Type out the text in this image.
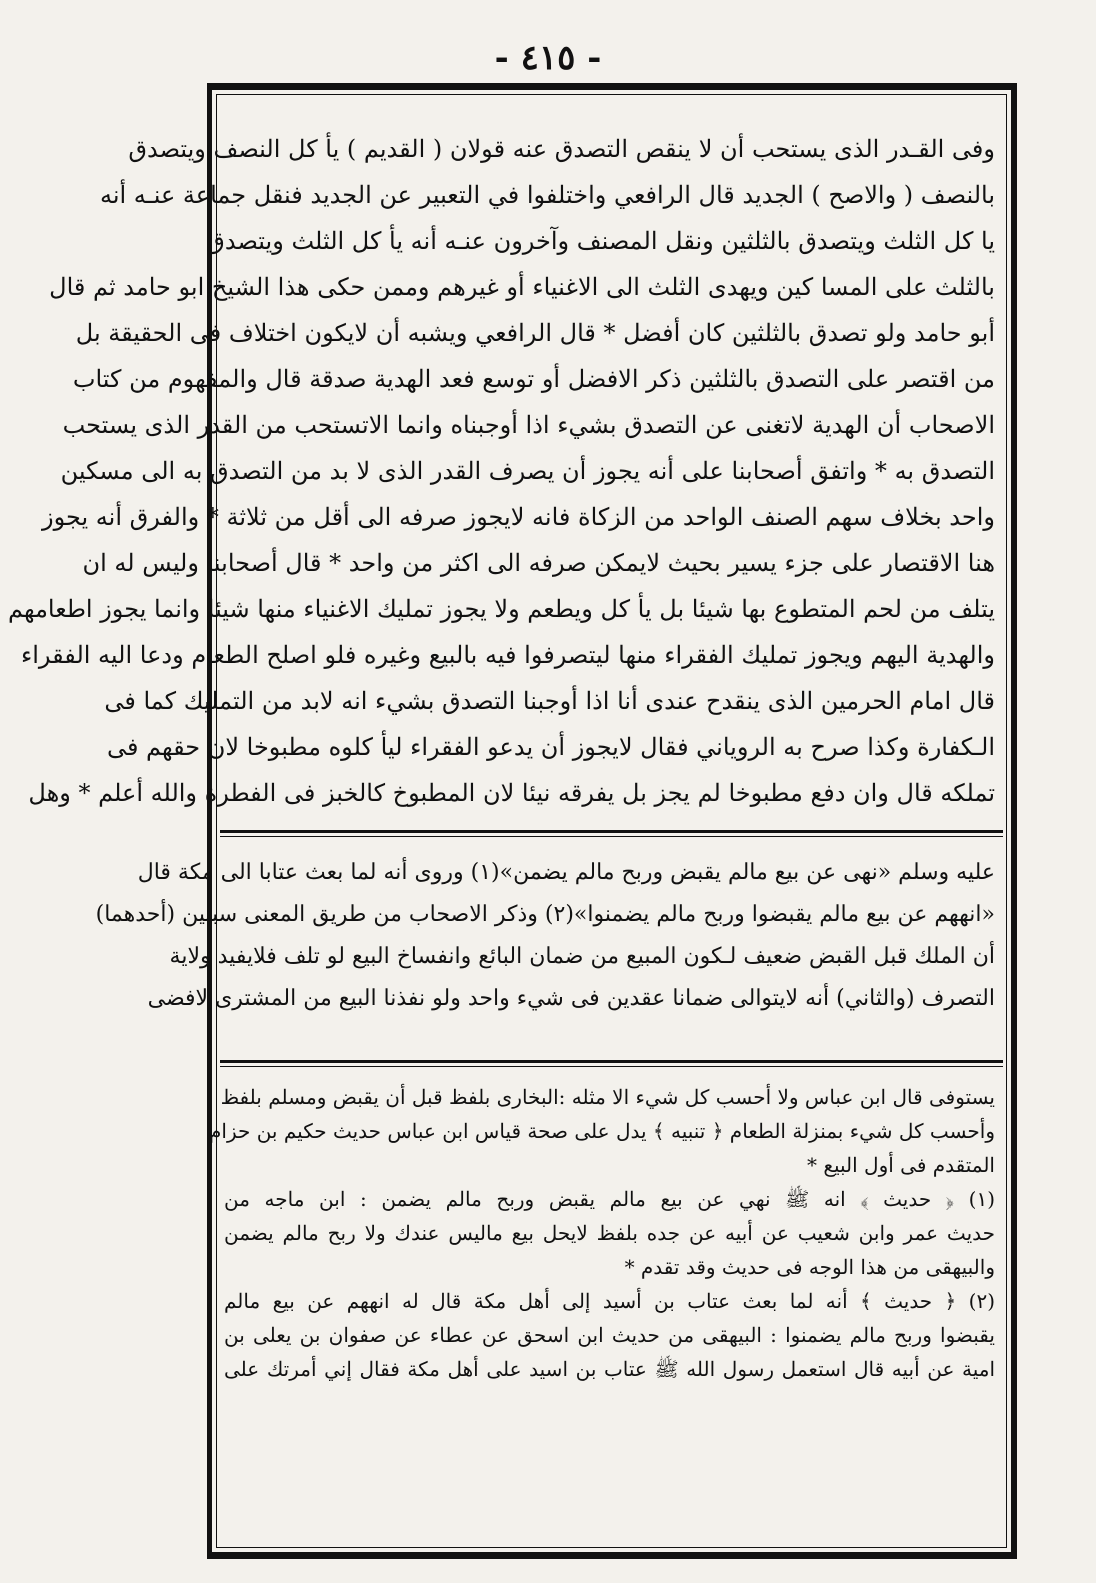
- ٤١٥ -
وفى القـدر الذى يستحب أن لا ينقص التصدق عنه قولان ( القديم ) يأ كل النصف ويتصدق
بالنصف ( والاصح ) الجديد قال الرافعي واختلفوا في التعبير عن الجديد فنقل جماعة عنـه أنه
يا كل الثلث ويتصدق بالثلثين ونقل المصنف وآخرون عنـه أنه يأ كل الثلث ويتصدق
بالثلث على المسا كين ويهدى الثلث الى الاغنياء أو غيرهم وممن حكى هذا الشيخ ابو حامد ثم قال
أبو حامد ولو تصدق بالثلثين كان أفضل * قال الرافعي ويشبه أن لايكون اختلاف فى الحقيقة بل
من اقتصر على التصدق بالثلثين ذكر الافضل أو توسع فعد الهدية صدقة قال والمفهوم من كتاب
الاصحاب أن الهدية لاتغنى عن التصدق بشيء اذا أوجبناه وانما الاتستحب من القدر الذى يستحب
التصدق به * واتفق أصحابنا على أنه يجوز أن يصرف القدر الذى لا بد من التصدق به الى مسكين
واحد بخلاف سهم الصنف الواحد من الزكاة فانه لايجوز صرفه الى أقل من ثلاثة * والفرق أنه يجوز
هنا الاقتصار على جزء يسير بحيث لايمكن صرفه الى اكثر من واحد * قال أصحابنا وليس له ان
يتلف من لحم المتطوع بها شيئا بل يأ كل ويطعم ولا يجوز تمليك الاغنياء منها شيئا وانما يجوز اطعامهم
والهدية اليهم ويجوز تمليك الفقراء منها ليتصرفوا فيه بالبيع وغيره فلو اصلح الطعام ودعا اليه الفقراء
قال امام الحرمين الذى ينقدح عندى أنا اذا أوجبنا التصدق بشيء انه لابد من التمليك كما فى
الـكفارة وكذا صرح به الروياني فقال لايجوز أن يدعو الفقراء ليأ كلوه مطبوخا لان حقهم فى
تملكه قال وان دفع مطبوخا لم يجز بل يفرقه نيئا لان المطبوخ كالخبز فى الفطرة والله أعلم * وهل
عليه وسلم «نهى عن بيع مالم يقبض وربح مالم يضمن»(١) وروى أنه لما بعث عتابا الى مكة قال
«انههم عن بيع مالم يقبضوا وربح مالم يضمنوا»(٢) وذكر الاصحاب من طريق المعنى سببين (أحدهما)
أن الملك قبل القبض ضعيف لـكون المبيع من ضمان البائع وانفساخ البيع لو تلف فلايفيد ولاية
التصرف (والثاني) أنه لايتوالى ضمانا عقدين فى شيء واحد ولو نفذنا البيع من المشترى لافضى
يستوفى قال ابن عباس ولا أحسب كل شيء الا مثله :البخارى بلفظ قبل أن يقبض ومسلم بلفظ
وأحسب كل شيء بمنزلة الطعام ﴿ تنبيه ﴾ يدل على صحة قياس ابن عباس حديث حكيم بن حزام
المتقدم فى أول البيع *
(١) ﴿ حديث ﴾ انه ﷺ نهي عن بيع مالم يقبض وربح مالم يضمن : ابن ماجه من
حديث عمر وابن شعيب عن أبيه عن جده بلفظ لايحل بيع ماليس عندك ولا ربح مالم يضمن
والبيهقى من هذا الوجه فى حديث وقد تقدم *
(٢) ﴿ حديث ﴾ أنه لما بعث عتاب بن أسيد إلى أهل مكة قال له انههم عن بيع مالم
يقبضوا وربح مالم يضمنوا : البيهقى من حديث ابن اسحق عن عطاء عن صفوان بن يعلى بن
امية عن أبيه قال استعمل رسول الله ﷺ عتاب بن اسيد على أهل مكة فقال إني أمرتك على
